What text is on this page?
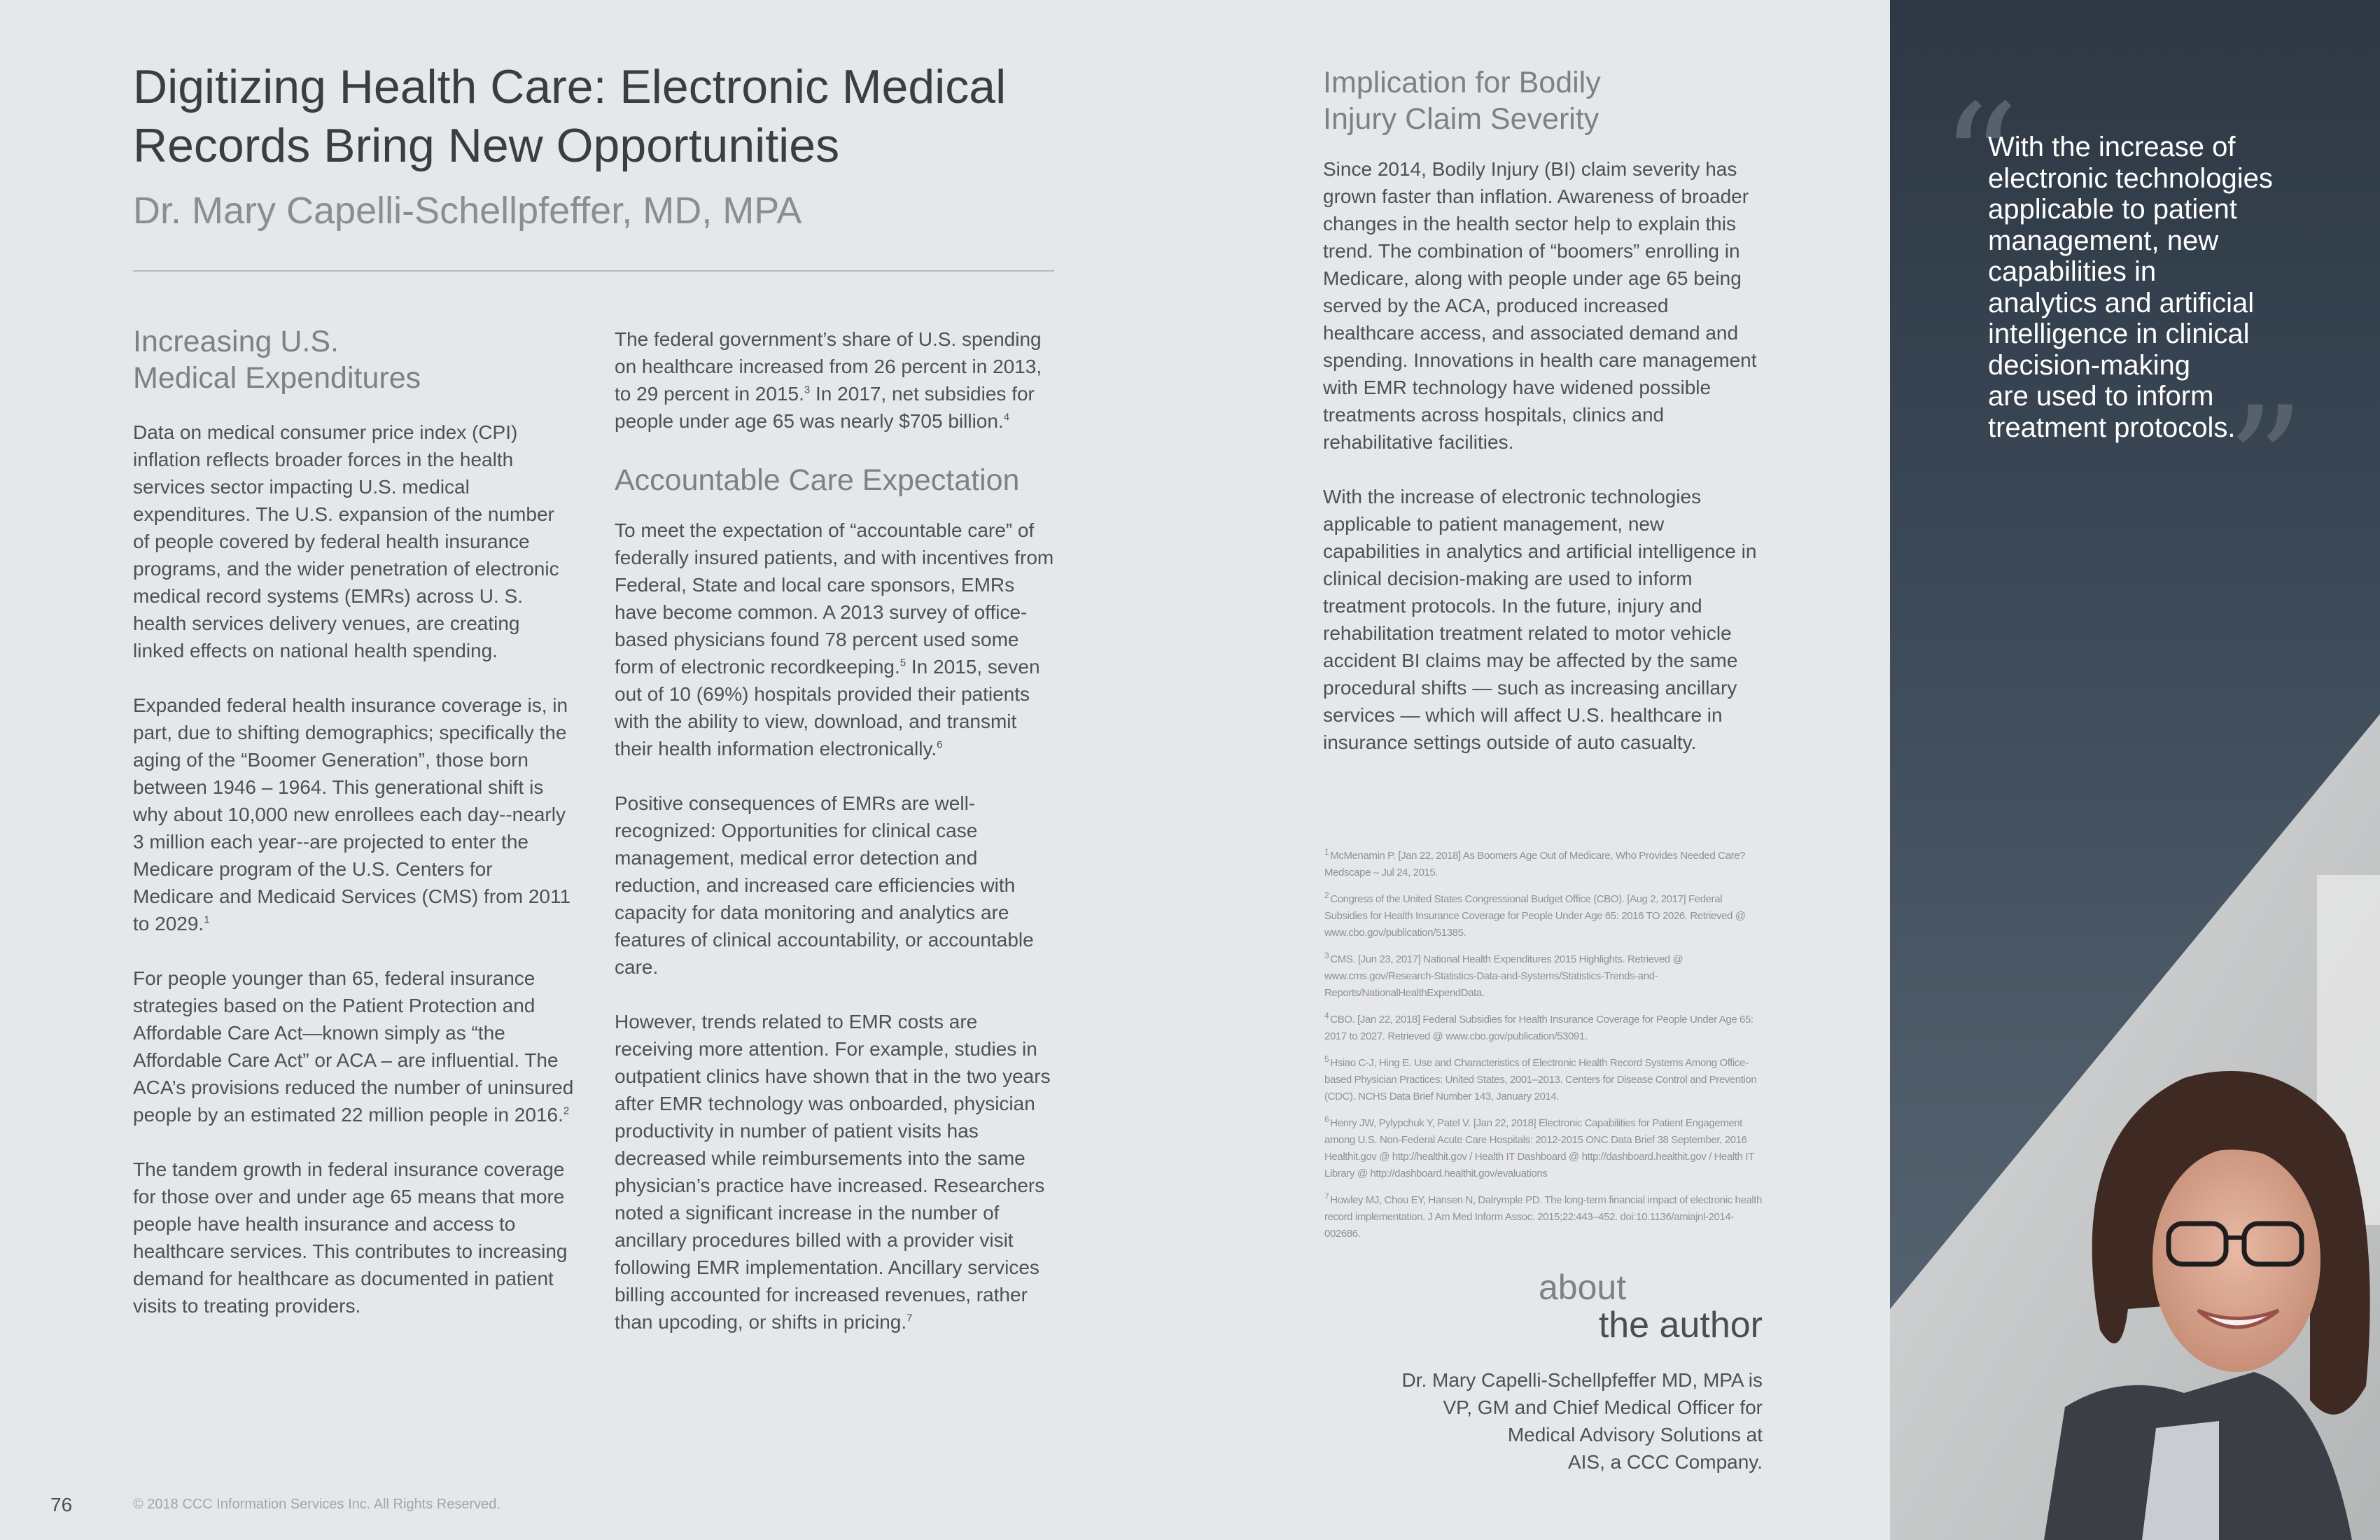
Digitizing Health Care: Electronic Medical
Records Bring New Opportunities
Dr. Mary Capelli-Schellpfeffer, MD, MPA
Increasing U.S.
Medical Expenditures

Data on medical consumer price index (CPI) inflation reflects broader forces in the health services sector impacting U.S. medical expenditures. The U.S. expansion of the number of people covered by federal health insurance programs, and the wider penetration of electronic medical record systems (EMRs) across U. S. health services delivery venues, are creating linked effects on national health spending.

Expanded federal health insurance coverage is, in part, due to shifting demographics; specifically the aging of the “Boomer Generation”, those born between 1946 – 1964. This generational shift is why about 10,000 new enrollees each day--nearly 3 million each year--are projected to enter the Medicare program of the U.S. Centers for Medicare and Medicaid Services (CMS) from 2011 to 2029.$^1$

For people younger than 65, federal insurance strategies based on the Patient Protection and Affordable Care Act—known simply as “the Affordable Care Act” or ACA – are influential. The ACA’s provisions reduced the number of uninsured people by an estimated 22 million people in 2016.$^2$

The tandem growth in federal insurance coverage for those over and under age 65 means that more people have health insurance and access to healthcare services. This contributes to increasing demand for healthcare as documented in patient visits to treating providers.

The federal government’s share of U.S. spending on healthcare increased from 26 percent in 2013, to 29 percent in 2015.$^3$ In 2017, net subsidies for people under age 65 was nearly $705 billion.$^4$

Accountable Care Expectation

To meet the expectation of “accountable care” of federally insured patients, and with incentives from Federal, State and local care sponsors, EMRs have become common. A 2013 survey of office-based physicians found 78 percent used some form of electronic recordkeeping.$^5$ In 2015, seven out of 10 (69%) hospitals provided their patients with the ability to view, download, and transmit their health information electronically.$^6$

Positive consequences of EMRs are well-recognized: Opportunities for clinical case management, medical error detection and reduction, and increased care efficiencies with capacity for data monitoring and analytics are features of clinical accountability, or accountable care.

However, trends related to EMR costs are receiving more attention. For example, studies in outpatient clinics have shown that in the two years after EMR technology was onboarded, physician productivity in number of patient visits has decreased while reimbursements into the same physician’s practice have increased. Researchers noted a significant increase in the number of ancillary procedures billed with a provider visit following EMR implementation. Ancillary services billing accounted for increased revenues, rather than upcoding, or shifts in pricing.$^7$

Implication for Bodily
Injury Claim Severity

Since 2014, Bodily Injury (BI) claim severity has grown faster than inflation. Awareness of broader changes in the health sector help to explain this trend. The combination of “boomers” enrolling in Medicare, along with people under age 65 being served by the ACA, produced increased healthcare access, and associated demand and spending. Innovations in health care management with EMR technology have widened possible treatments across hospitals, clinics and rehabilitative facilities.

With the increase of electronic technologies applicable to patient management, new capabilities in analytics and artificial intelligence in clinical decision-making are used to inform treatment protocols. In the future, injury and rehabilitation treatment related to motor vehicle accident BI claims may be affected by the same procedural shifts — such as increasing ancillary services — which will affect U.S. healthcare in insurance settings outside of auto casualty.

$^1$ McMenamin P. [Jan 22, 2018] As Boomers Age Out of Medicare, Who Provides Needed Care? Medscape – Jul 24, 2015.
$^2$ Congress of the United States Congressional Budget Office (CBO). [Aug 2, 2017] Federal Subsidies for Health Insurance Coverage for People Under Age 65: 2016 TO 2026. Retrieved @ www.cbo.gov/publication/51385.
$^3$ CMS. [Jun 23, 2017] National Health Expenditures 2015 Highlights. Retrieved @ www.cms.gov/Research-Statistics-Data-and-Systems/Statistics-Trends-and-Reports/NationalHealthExpendData.
$^4$ CBO. [Jan 22, 2018] Federal Subsidies for Health Insurance Coverage for People Under Age 65: 2017 to 2027. Retrieved @ www.cbo.gov/publication/53091.
$^5$ Hsiao C-J, Hing E. Use and Characteristics of Electronic Health Record Systems Among Office-based Physician Practices: United States, 2001–2013. Centers for Disease Control and Prevention (CDC). NCHS Data Brief Number 143, January 2014.
$^6$ Henry JW, Pylypchuk Y, Patel V. [Jan 22, 2018] Electronic Capabilities for Patient Engagement among U.S. Non-Federal Acute Care Hospitals: 2012-2015 ONC Data Brief 38 September, 2016 Healthit.gov @ http://healthit.gov / Health IT Dashboard @ http://dashboard.healthit.gov / Health IT Library @ http://dashboard.healthit.gov/evaluations
$^7$ Howley MJ, Chou EY, Hansen N, Dalrymple PD. The long-term financial impact of electronic health record implementation. J Am Med Inform Assoc. 2015;22:443–452. doi:10.1136/amiajnl-2014-002686.
about
the author
Dr. Mary Capelli-Schellpfeffer MD, MPA is
VP, GM and Chief Medical Officer for
Medical Advisory Solutions at
AIS, a CCC Company.
“
”
With the increase of
electronic technologies
applicable to patient
management, new
capabilities in
analytics and artificial
intelligence in clinical
decision-making
are used to inform
treatment protocols.
76	© 2018 CCC Information Services Inc. All Rights Reserved.
